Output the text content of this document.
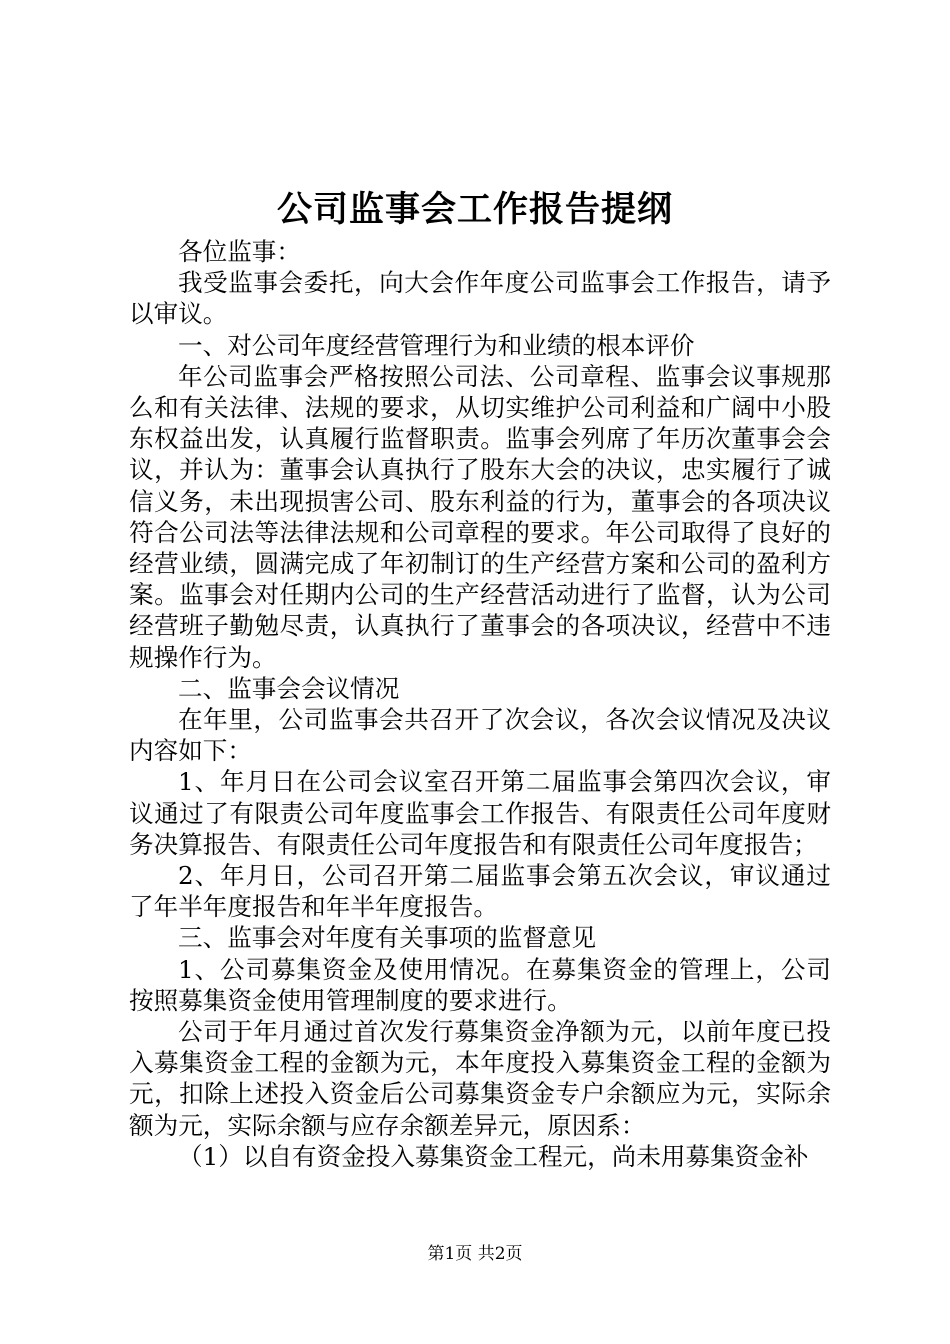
公司监事会工作报告提纲

各位监事：

我受监事会委托，向大会作年度公司监事会工作报告，请予以审议。

一、对公司年度经营管理行为和业绩的根本评价

年公司监事会严格按照公司法、公司章程、监事会议事规那么和有关法律、法规的要求，从切实维护公司利益和广阔中小股东权益出发，认真履行监督职责。监事会列席了年历次董事会会议，并认为：董事会认真执行了股东大会的决议，忠实履行了诚信义务，未出现损害公司、股东利益的行为，董事会的各项决议符合公司法等法律法规和公司章程的要求。年公司取得了良好的经营业绩，圆满完成了年初制订的生产经营方案和公司的盈利方案。监事会对任期内公司的生产经营活动进行了监督，认为公司经营班子勤勉尽责，认真执行了董事会的各项决议，经营中不违规操作行为。

二、监事会会议情况

在年里，公司监事会共召开了次会议，各次会议情况及决议内容如下：

1、年月日在公司会议室召开第二届监事会第四次会议，审议通过了有限责公司年度监事会工作报告、有限责任公司年度财务决算报告、有限责任公司年度报告和有限责任公司年度报告；

2、年月日，公司召开第二届监事会第五次会议，审议通过了年半年度报告和年半年度报告。

三、监事会对年度有关事项的监督意见

1、公司募集资金及使用情况。在募集资金的管理上，公司按照募集资金使用管理制度的要求进行。

公司于年月通过首次发行募集资金净额为元，以前年度已投入募集资金工程的金额为元，本年度投入募集资金工程的金额为元，扣除上述投入资金后公司募集资金专户余额应为元，实际余额为元，实际余额与应存余额差异元，原因系：

（1）以自有资金投入募集资金工程元，尚未用募集资金补

第1页 共2页
